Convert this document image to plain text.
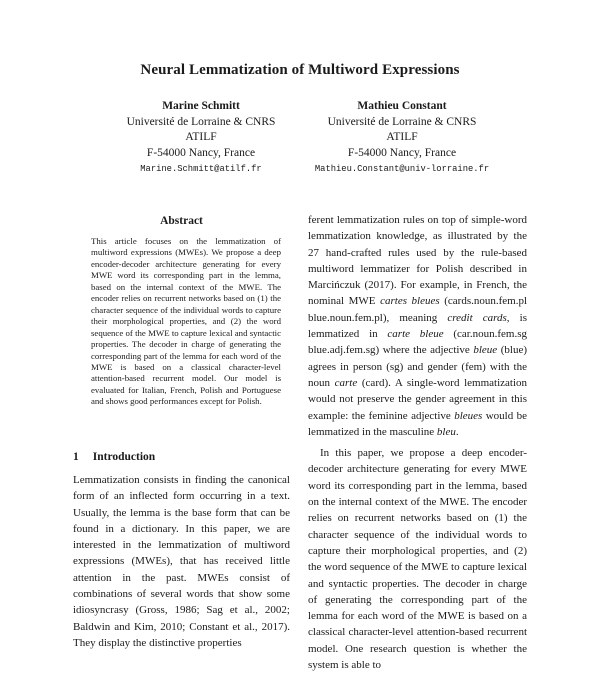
Neural Lemmatization of Multiword Expressions
Marine Schmitt
Université de Lorraine & CNRS
ATILF
F-54000 Nancy, France
Marine.Schmitt@atilf.fr
Mathieu Constant
Université de Lorraine & CNRS
ATILF
F-54000 Nancy, France
Mathieu.Constant@univ-lorraine.fr
Abstract
This article focuses on the lemmatization of multiword expressions (MWEs). We propose a deep encoder-decoder architecture generating for every MWE word its corresponding part in the lemma, based on the internal context of the MWE. The encoder relies on recurrent networks based on (1) the character sequence of the individual words to capture their morphological properties, and (2) the word sequence of the MWE to capture lexical and syntactic properties. The decoder in charge of generating the corresponding part of the lemma for each word of the MWE is based on a classical character-level attention-based recurrent model. Our model is evaluated for Italian, French, Polish and Portuguese and shows good performances except for Polish.
1 Introduction

Lemmatization consists in finding the canonical form of an inflected form occurring in a text. Usually, the lemma is the base form that can be found in a dictionary. In this paper, we are interested in the lemmatization of multiword expressions (MWEs), that has received little attention in the past. MWEs consist of combinations of several words that show some idiosyncrasy (Gross, 1986; Sag et al., 2002; Baldwin and Kim, 2010; Constant et al., 2017). They display the distinctive properties

ferent lemmatization rules on top of simple-word lemmatization knowledge, as illustrated by the 27 hand-crafted rules used by the rule-based multiword lemmatizer for Polish described in Marcińczuk (2017). For example, in French, the nominal MWE cartes bleues (cards.noun.fem.pl blue.noun.fem.pl), meaning credit cards, is lemmatized in carte bleue (car.noun.fem.sg blue.adj.fem.sg) where the adjective bleue (blue) agrees in person (sg) and gender (fem) with the noun carte (card). A single-word lemmatization would not preserve the gender agreement in this example: the feminine adjective bleues would be lemmatized in the masculine bleu.

In this paper, we propose a deep encoder-decoder architecture generating for every MWE word its corresponding part in the lemma, based on the internal context of the MWE. The encoder relies on recurrent networks based on (1) the character sequence of the individual words to capture their morphological properties, and (2) the word sequence of the MWE to capture lexical and syntactic properties. The decoder in charge of generating the corresponding part of the lemma for each word of the MWE is based on a classical character-level attention-based recurrent model. One research question is whether the system is able to
